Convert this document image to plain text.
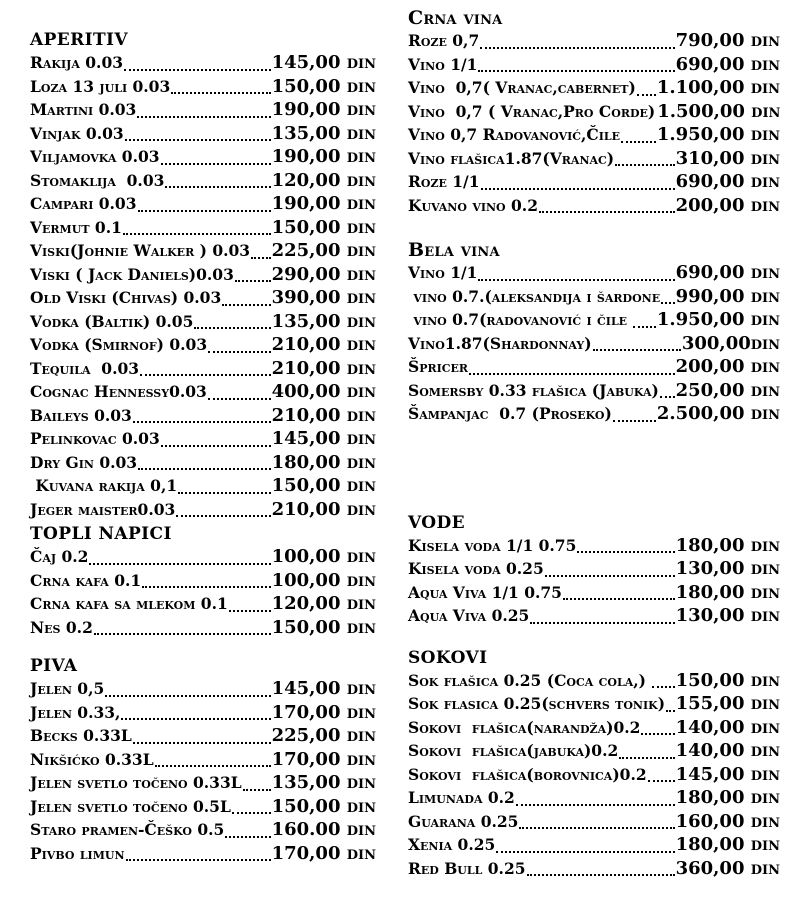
APERITIV
Rakija 0.03	145,00 din
Loza 13 juli 0.03	150,00 din
Martini 0.03	190,00 din
Vinjak 0.03	135,00 din
Viljamovka 0.03	190,00 din
Stomaklija  0.03	120,00 din
Campari 0.03	190,00 din
Vermut 0.1	150,00 din
Viski(Johnie Walker ) 0.03 225,00 din
Viski ( Jack Daniels)0.03 290,00 din
Old Viski (Chivas) 0.03	390,00 din
Vodka (Baltik) 0.05	135,00 din
Vodka (Smirnof) 0.03	210,00 din
Tequila  0.03	210,00 din
Cognac Hennessy0.03	400,00 din
Baileys 0.03	210,00 din
Pelinkovac 0.03	145,00 din
Dry Gin 0.03	180,00 din
Kuvana rakija 0,1	150,00 din
Jeger maister0.03	210,00 din
TOPLI NAPICI
Čaj 0.2	100,00 din
Crna kafa 0.1	100,00 din
Crna kafa sa mlekom 0.1 120,00 din
Nes 0.2	150,00 din
PIVA
Jelen 0,5	145,00 din
Jelen 0.33,	170,00 din
Becks 0.33L	225,00 din
Nikšićko 0.33L	170,00 din
Jelen svetlo točeno 0.33L 135,00 din
Jelen svetlo točeno 0.5L 150,00 din
Staro pramen-Češko 0.5	160.00 din
Pivbo limun	170,00 din
Crna vina
Roze 0,7	790,00 din
Vino 1/1	690,00 din
Vino  0,7( Vranac,cabernet) 1.100,00 din
Vino  0,7 ( Vranac,Pro Corde) 1.500,00 din
Vino 0,7 Radovanović,Čile 1.950,00 din
Vino flašica1.87(Vranac)	310,00 din
Roze 1/1	690,00 din
Kuvano vino 0.2	200,00 din
Bela vina
Vino 1/1	690,00 din
vino 0.7.(aleksandija i šardone 990,00 din
vino 0.7(radovanović i čile 1.950,00 din
Vino1.87(Shardonnay)	300,00din
Špricer	200,00 din
Somersby 0.33 flašica (Jabuka) 250,00 din
Šampanjac  0.7 (Proseko) 2.500,00 din
VODE
Kisela voda 1/1 0.75	180,00 din
Kisela voda 0.25	130,00 din
Aqua Viva 1/1 0.75	180,00 din
Aqua Viva 0.25	130,00 din
SOKOVI
Sok flašica 0.25 (Coca cola,) 150,00 din
Sok flasica 0.25(schvers tonik) 155,00 din
Sokovi  flašica(narandža)0.2 140,00 din
Sokovi  flašica(jabuka)0.2	140,00 din
Sokovi  flašica(borovnica)0.2 145,00 din
Limunada 0.2	180,00 din
Guarana 0.25	160,00 din
Xenia 0.25	180,00 din
Red Bull 0.25	360,00 din
